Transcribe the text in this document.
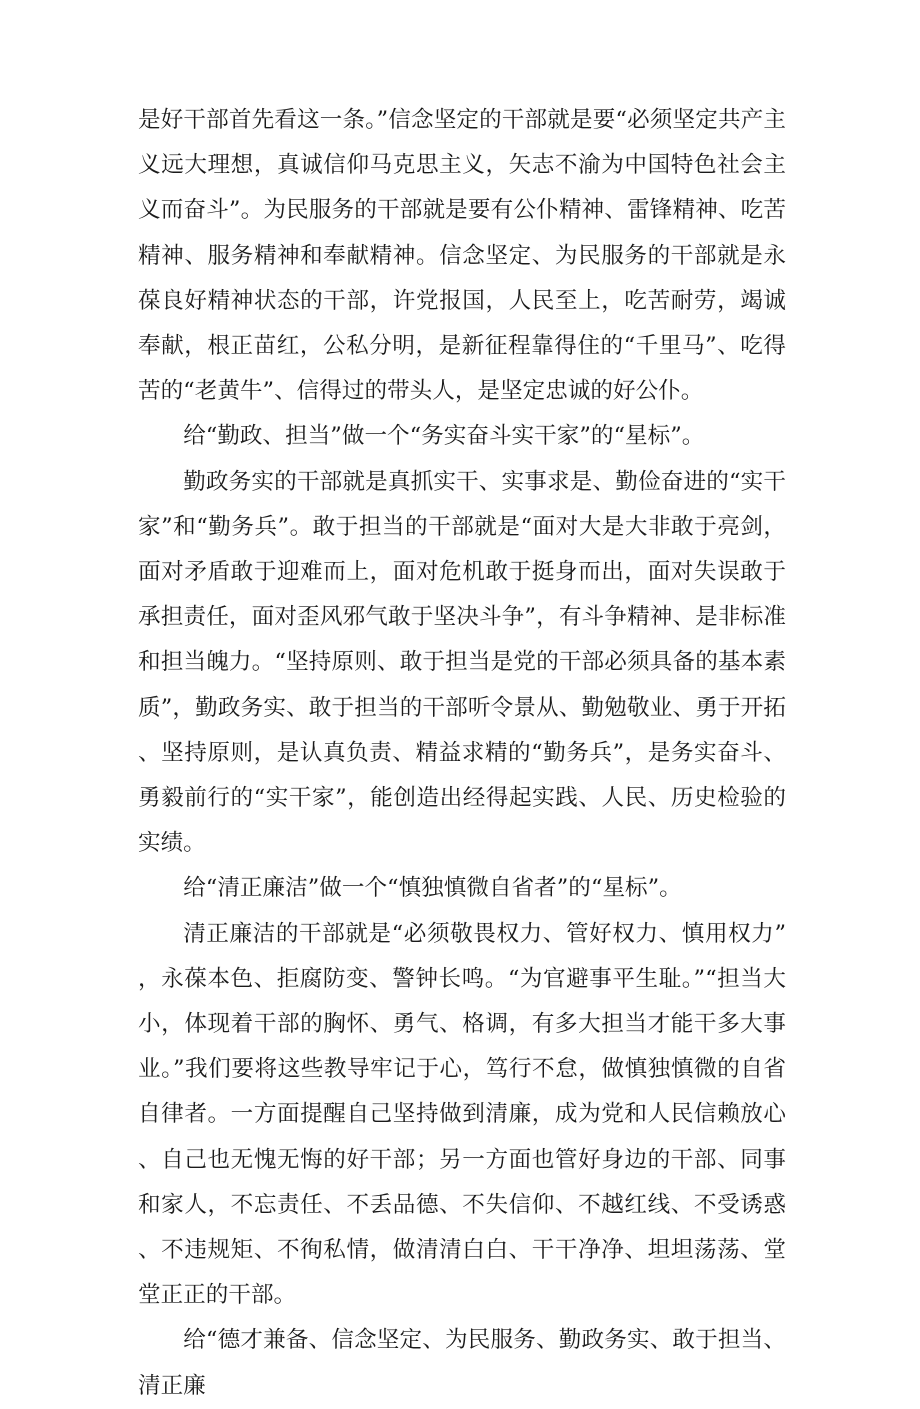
是好干部首先看这一条。”信念坚定的干部就是要“必须坚定共产主义远大理想，真诚信仰马克思主义，矢志不渝为中国特色社会主义而奋斗”。为民服务的干部就是要有公仆精神、雷锋精神、吃苦精神、服务精神和奉献精神。信念坚定、为民服务的干部就是永葆良好精神状态的干部，许党报国，人民至上，吃苦耐劳，竭诚奉献，根正苗红，公私分明，是新征程靠得住的“千里马”、吃得苦的“老黄牛”、信得过的带头人，是坚定忠诚的好公仆。

给“勤政、担当”做一个“务实奋斗实干家”的“星标”。

勤政务实的干部就是真抓实干、实事求是、勤俭奋进的“实干家”和“勤务兵”。敢于担当的干部就是“面对大是大非敢于亮剑，面对矛盾敢于迎难而上，面对危机敢于挺身而出，面对失误敢于承担责任，面对歪风邪气敢于坚决斗争”，有斗争精神、是非标准和担当魄力。“坚持原则、敢于担当是党的干部必须具备的基本素质”，勤政务实、敢于担当的干部听令景从、勤勉敬业、勇于开拓、坚持原则，是认真负责、精益求精的“勤务兵”，是务实奋斗、勇毅前行的“实干家”，能创造出经得起实践、人民、历史检验的实绩。

给“清正廉洁”做一个“慎独慎微自省者”的“星标”。

清正廉洁的干部就是“必须敬畏权力、管好权力、慎用权力”，永葆本色、拒腐防变、警钟长鸣。“为官避事平生耻。”“担当大小，体现着干部的胸怀、勇气、格调，有多大担当才能干多大事业。”我们要将这些教导牢记于心，笃行不怠，做慎独慎微的自省自律者。一方面提醒自己坚持做到清廉，成为党和人民信赖放心、自己也无愧无悔的好干部；另一方面也管好身边的干部、同事和家人，不忘责任、不丢品德、不失信仰、不越红线、不受诱惑、不违规矩、不徇私情，做清清白白、干干净净、坦坦荡荡、堂堂正正的干部。

给“德才兼备、信念坚定、为民服务、勤政务实、敢于担当、清正廉
